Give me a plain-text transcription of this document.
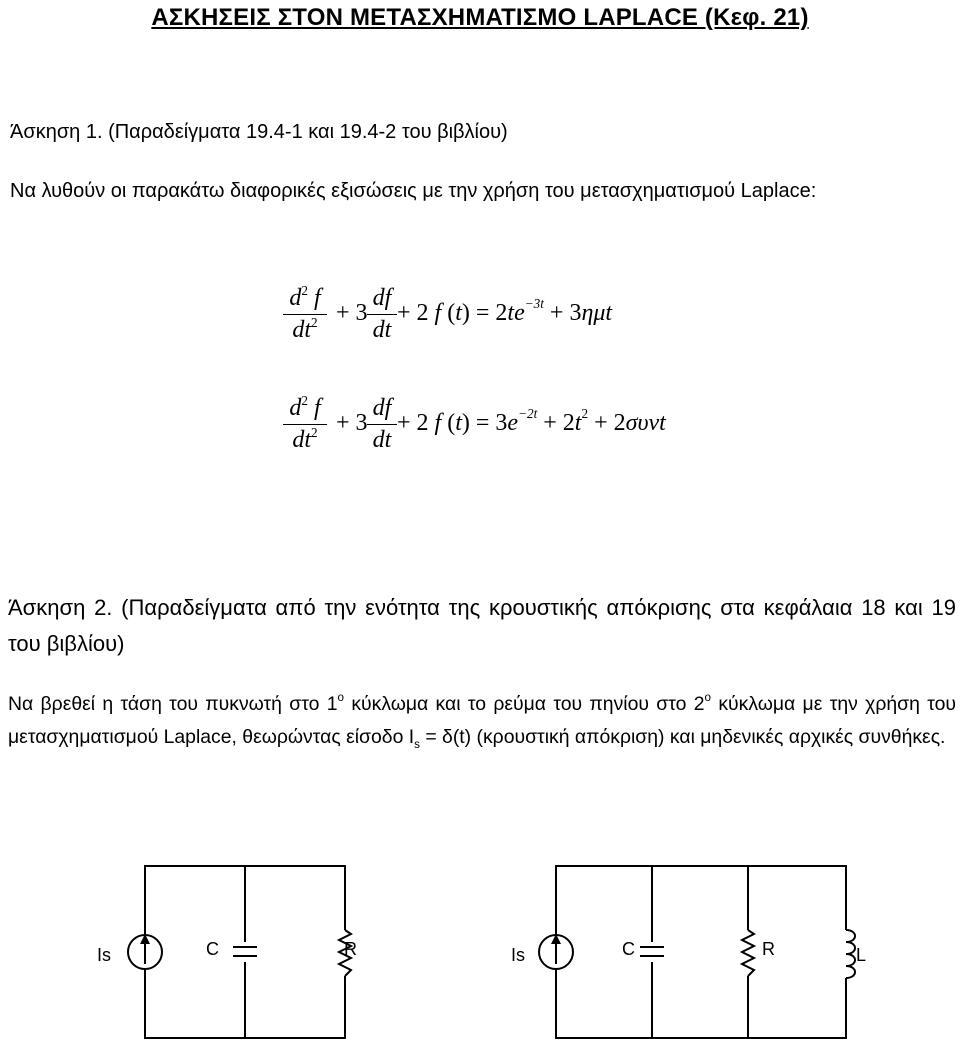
ΑΣΚΗΣΕΙΣ ΣΤΟΝ ΜΕΤΑΣΧΗΜΑΤΙΣΜΟ LAPLACE (Κεφ. 21)
Άσκηση 1. (Παραδείγματα 19.4-1 και 19.4-2 του βιβλίου)
Να λυθούν οι παρακάτω διαφορικές εξισώσεις με την χρήση του μετασχηματισμού Laplace:
$d^2$ f
$dt^2 + 3$
df
dt
+ 2 f $(t) = 2te^{-3t} + 3\eta\mu t$
$d^2$ f
$dt^2 + 3$
df
dt
+ 2 f $(t) = 3e^{-2t} + 2t^2 + 2\sigma\upsilon\nu t$
Άσκηση 2. (Παραδείγματα από την ενότητα της κρουστικής απόκρισης στα κεφάλαια 18 και 19 του βιβλίου)
Να βρεθεί η τάση του πυκνωτή στο $1^o$ κύκλωμα και το ρεύμα του πηνίου στο $2^o$ κύκλωμα με την χρήση του μετασχηματισμού Laplace, θεωρώντας είσοδο $I_s = \delta(t)$ (κρουστική απόκριση) και μηδενικές αρχικές συνθήκες.
Is	C	R	Is	C	R	L
